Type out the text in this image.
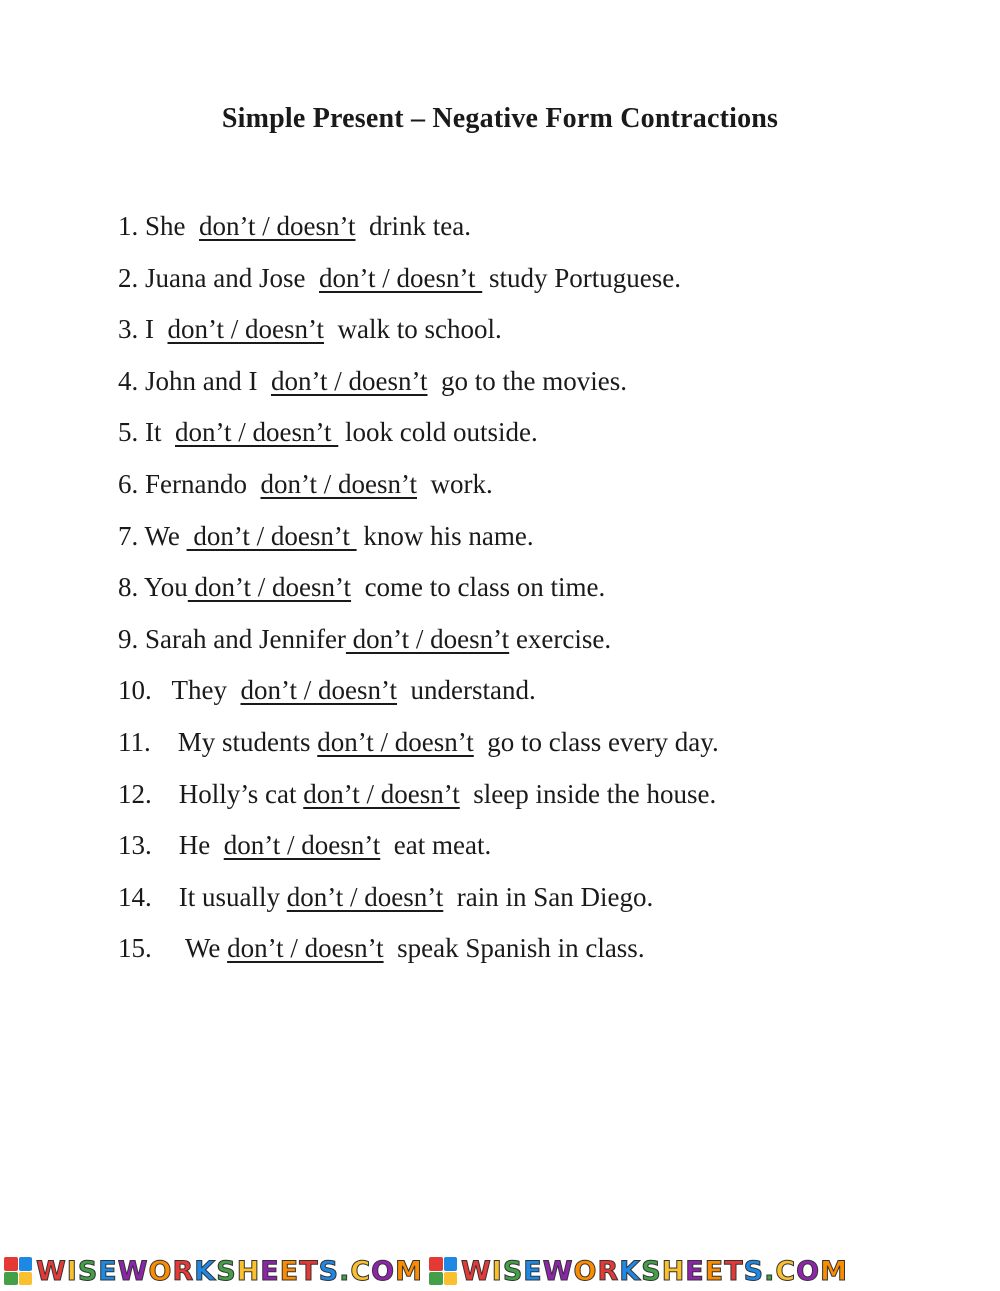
Simple Present – Negative Form Contractions
1. She  don’t / doesn’t  drink tea.
2. Juana and Jose  don’t / doesn’t  study Portuguese.
3. I  don’t / doesn’t  walk to school.
4. John and I  don’t / doesn’t  go to the movies.
5. It  don’t / doesn’t  look cold outside.
6. Fernando  don’t / doesn’t  work.
7. We  don’t / doesn’t  know his name.
8. You don’t / doesn’t  come to class on time.
9. Sarah and Jennifer don’t / doesn’t exercise.
10.   They  don’t / doesn’t  understand.
11.    My students don’t / doesn’t  go to class every day.
12.    Holly’s cat don’t / doesn’t  sleep inside the house.
13.    He  don’t / doesn’t  eat meat.
14.    It usually don’t / doesn’t  rain in San Diego.
15.     We don’t / doesn’t  speak Spanish in class.
WISEWORKSHEETS.COM WISEWORKSHEETS.COM
